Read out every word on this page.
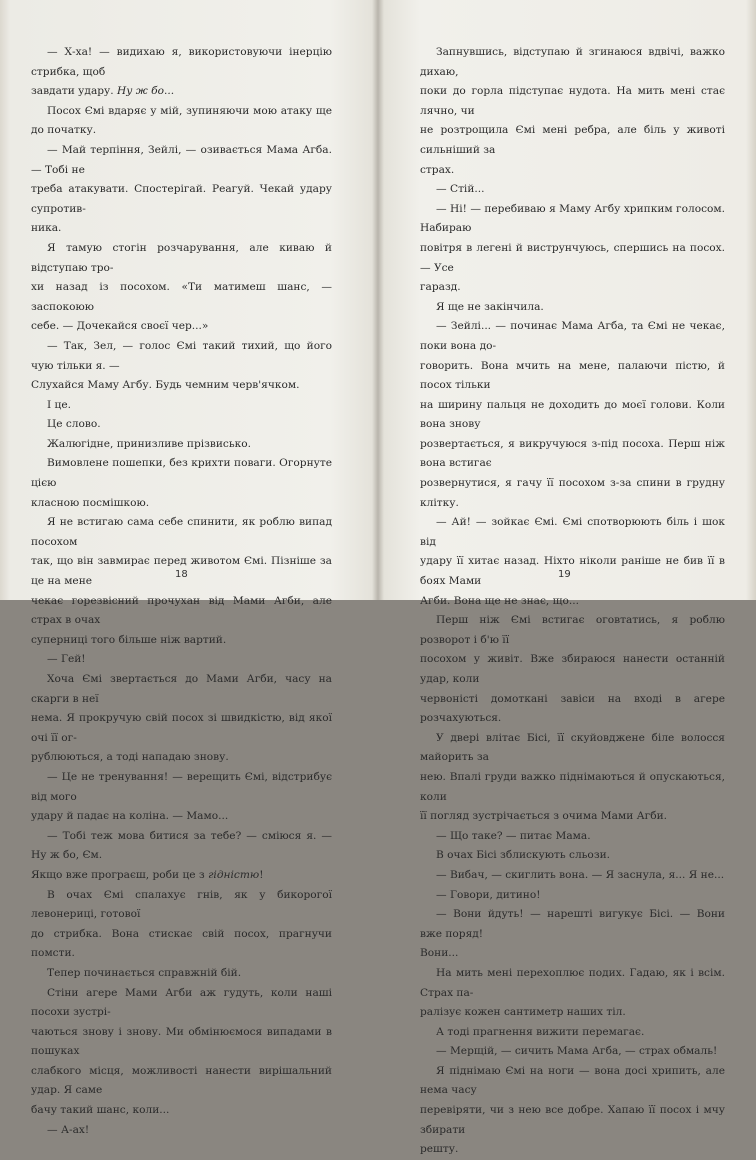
— Х-ха! — видихаю я, використовуючи інерцію стрибка, щоб
завдати удару. Ну ж бо...

Посох Ємі вдаряє у мій, зупиняючи мою атаку ще до початку.

— Май терпіння, Зейлі, — озивається Мама Агба. — Тобі не
треба атакувати. Спостерігай. Реагуй. Чекай удару супротив-
ника.

Я тамую стогін розчарування, але киваю й відступаю тро-
хи назад із посохом. «Ти матимеш шанс, — заспокоюю
себе. — Дочекайся своєї чер...»

— Так, Зел, — голос Ємі такий тихий, що його чую тільки я. —
Слухайся Маму Агбу. Будь чемним черв'ячком.

І це.

Це слово.

Жалюгідне, принизливе прізвисько.

Вимовлене пошепки, без крихти поваги. Огорнуте цією
класною посмішкою.

Я не встигаю сама себе спинити, як роблю випад посохом
так, що він завмирає перед животом Ємі. Пізніше за це на мене
чекає горезвісний прочухан від Мами Агби, але страх в очах
суперниці того більше ніж вартий.

— Гей!

Хоча Ємі звертається до Мами Агби, часу на скарги в неї
нема. Я прокручую свій посох зі швидкістю, від якої очі її ог-
рублюються, а тоді нападаю знову.

— Це не тренування! — верещить Ємі, відстрибує від мого
удару й падає на коліна. — Мамо...

— Тобі теж мова битися за тебе? — сміюся я. — Ну ж бо, Єм.
Якщо вже програєш, роби це з гідністю!

В очах Ємі спалахує гнів, як у бикорогої левонериці, готової
до стрибка. Вона стискає свій посох, прагнучи помсти.

Тепер починається справжній бій.

Стіни агере Мами Агби аж гудуть, коли наші посохи зустрі-
чаються знову і знову. Ми обмінюємося випадами в пошуках
слабкого місця, можливості нанести вирішальний удар. Я саме
бачу такий шанс, коли...

— А-ах!

18

Запнувшись, відступаю й згинаюся вдвічі, важко дихаю,
поки до горла підступає нудота. На мить мені стає лячно, чи
не розтрощила Ємі мені ребра, але біль у животі сильніший за
страх.

— Стій...

— Ні! — перебиваю я Маму Агбу хрипким голосом. Набираю
повітря в легені й виструнчуюсь, спершись на посох. — Усе
гаразд.

Я ще не закінчила.

— Зейлі... — починає Мама Агба, та Ємі не чекає, поки вона до-
говорить. Вона мчить на мене, палаючи пістю, й посох тільки
на ширину пальця не доходить до моєї голови. Коли вона знову
розвертається, я викручуюся з-під посоха. Перш ніж вона встигає
розвернутися, я гачу її посохом з-за спини в грудну клітку.

— Ай! — зойкає Ємі. Ємі спотворюють біль і шок від
удару її хитає назад. Ніхто ніколи раніше не бив її в боях Мами
Агби. Вона ще не знає, що...

Перш ніж Ємі встигає оговтатись, я роблю розворот і б'ю її
посохом у живіт. Вже збираюся нанести останній удар, коли
червоністі домоткані завіси на вході в агере розчахуються.

У двері влітає Бісі, її скуйовджене біле волосся майорить за
нею. Впалі груди важко піднімаються й опускаються, коли
її погляд зустрічається з очима Мами Агби.

— Що таке? — питає Мама.

В очах Бісі зблискують сльози.

— Вибач, — скиглить вона. — Я заснула, я... Я не...

— Говори, дитино!

— Вони йдуть! — нарешті вигукує Бісі. — Вони вже поряд!
Вони...

На мить мені перехоплює подих. Гадаю, як і всім. Страх па-
ралізує кожен сантиметр наших тіл.

А тоді прагнення вижити перемагає.

— Мерщій, — сичить Мама Агба, — страх обмаль!

Я піднімаю Ємі на ноги — вона досі хрипить, але нема часу
перевіряти, чи з нею все добре. Хапаю її посох і мчу збирати
решту.

19
